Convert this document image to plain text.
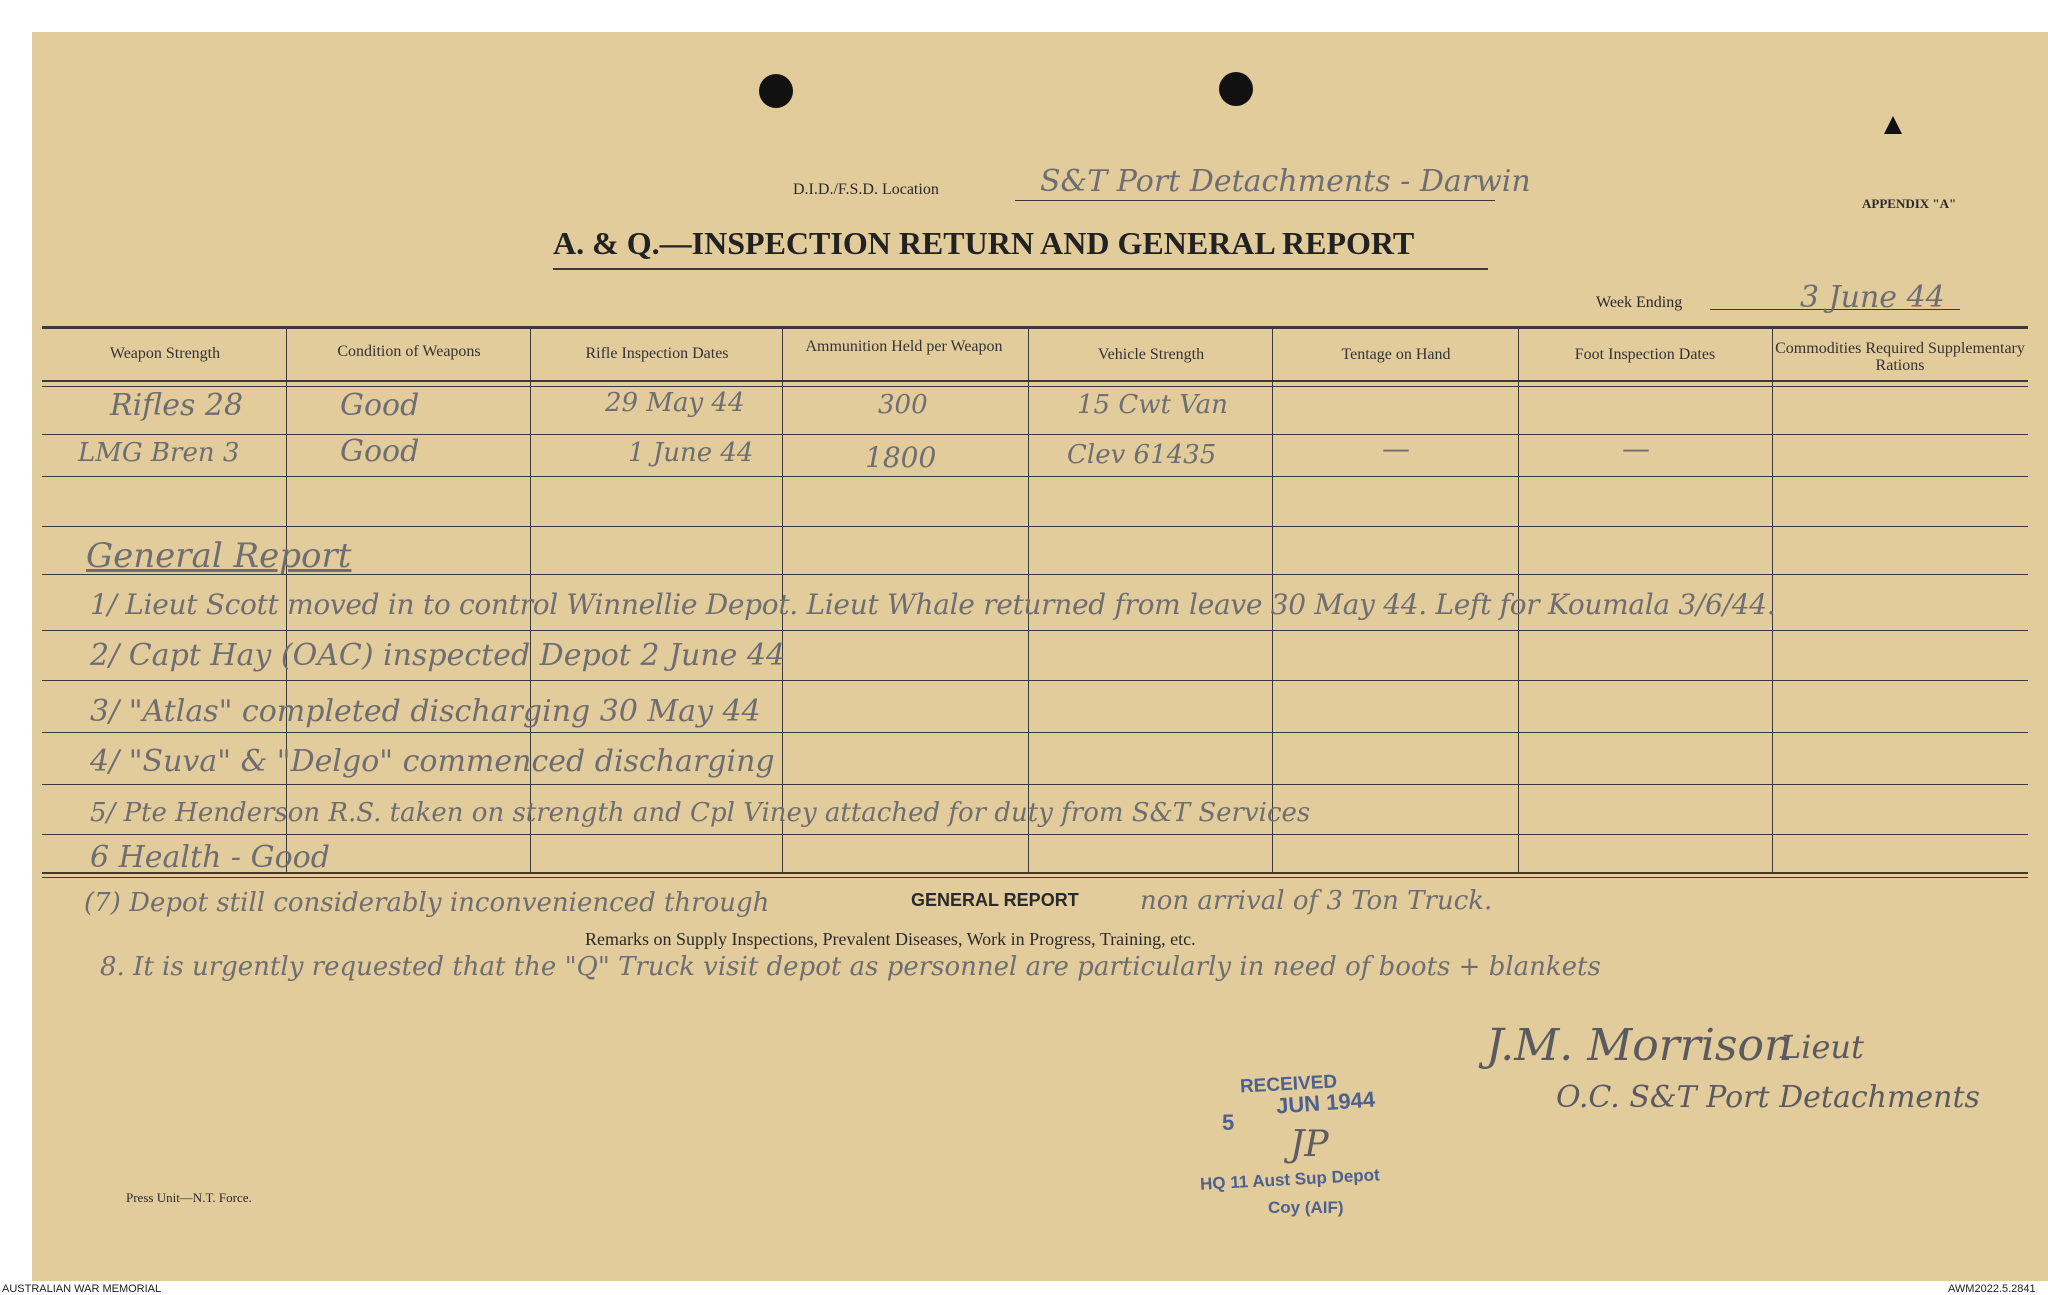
D.I.D./F.S.D. Location	S&T Port Detachments - Darwin
APPENDIX "A"
A. & Q.—INSPECTION RETURN AND GENERAL REPORT
Week Ending	3 June 44
Weapon Strength	Condition of Weapons	Rifle Inspection Dates	Ammunition Held per Weapon	Vehicle Strength	Tentage on Hand	Foot Inspection Dates	Commodities Required Supplementary Rations
Rifles 28	Good	29 May 44	300	15 Cwt Van
LMG Bren 3	Good	1 June 44	1800	Clev 61435	—	—
General Report
1/ Lieut Scott moved in to control Winnellie Depot. Lieut Whale returned from leave 30 May 44. Left for Koumala 3/6/44.
2/ Capt Hay (OAC) inspected Depot 2 June 44
3/ "Atlas" completed discharging 30 May 44
4/ "Suva" & "Delgo" commenced discharging
5/ Pte Henderson R.S. taken on strength and Cpl Viney attached for duty from S&T Services
6 Health - Good
(7) Depot still considerably inconvenienced through	GENERAL REPORT non arrival of 3 Ton Truck.
Remarks on Supply Inspections, Prevalent Diseases, Work in Progress, Training, etc.
8. It is urgently requested that the "Q" Truck visit depot as personnel are particularly in need of boots + blankets
J.M. Morrison
Lieut
O.C. S&T Port Detachments
RECEIVED
5
JUN 1944
JP
HQ 11 Aust Sup Depot
Coy (AIF)
Press Unit—N.T. Force.
AUSTRALIAN WAR MEMORIAL	AWM2022.5.2841
